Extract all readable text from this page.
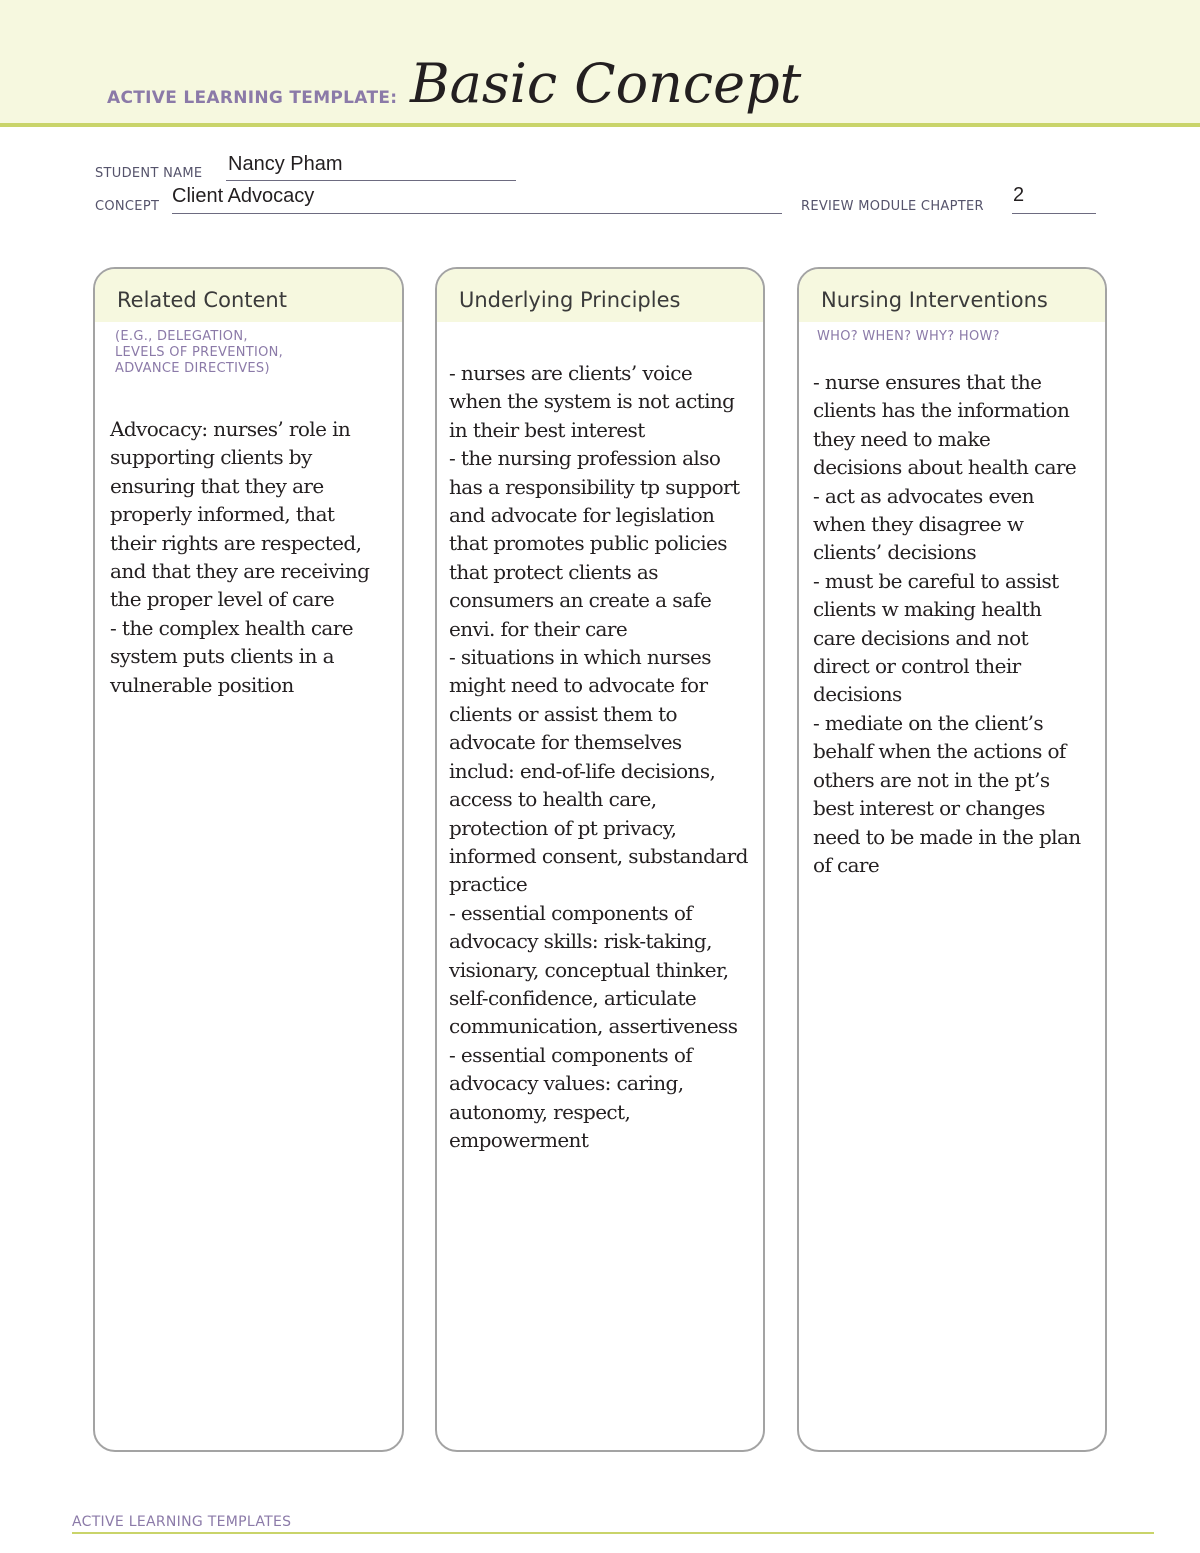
ACTIVE LEARNING TEMPLATE: Basic Concept
STUDENT NAME Nancy Pham
CONCEPT Client Advocacy	REVIEW MODULE CHAPTER
2
Related Content
(E.G., DELEGATION,
LEVELS OF PREVENTION,
ADVANCE DIRECTIVES)
Advocacy: nurses’ role in
supporting clients by
ensuring that they are
properly informed, that
their rights are respected,
and that they are receiving
the proper level of care
- the complex health care
system puts clients in a
vulnerable position
Underlying Principles
- nurses are clients’ voice
when the system is not acting
in their best interest
- the nursing profession also
has a responsibility tp support
and advocate for legislation
that promotes public policies
that protect clients as
consumers an create a safe
envi. for their care
- situations in which nurses
might need to advocate for
clients or assist them to
advocate for themselves
includ: end-of-life decisions,
access to health care,
protection of pt privacy,
informed consent, substandard
practice
- essential components of
advocacy skills: risk-taking,
visionary, conceptual thinker,
self-confidence, articulate
communication, assertiveness
- essential components of
advocacy values: caring,
autonomy, respect,
empowerment
Nursing Interventions
WHO? WHEN? WHY? HOW?
- nurse ensures that the
clients has the information
they need to make
decisions about health care
- act as advocates even
when they disagree w
clients’ decisions
- must be careful to assist
clients w making health
care decisions and not
direct or control their
decisions
- mediate on the client’s
behalf when the actions of
others are not in the pt’s
best interest or changes
need to be made in the plan
of care
ACTIVE LEARNING TEMPLATES
